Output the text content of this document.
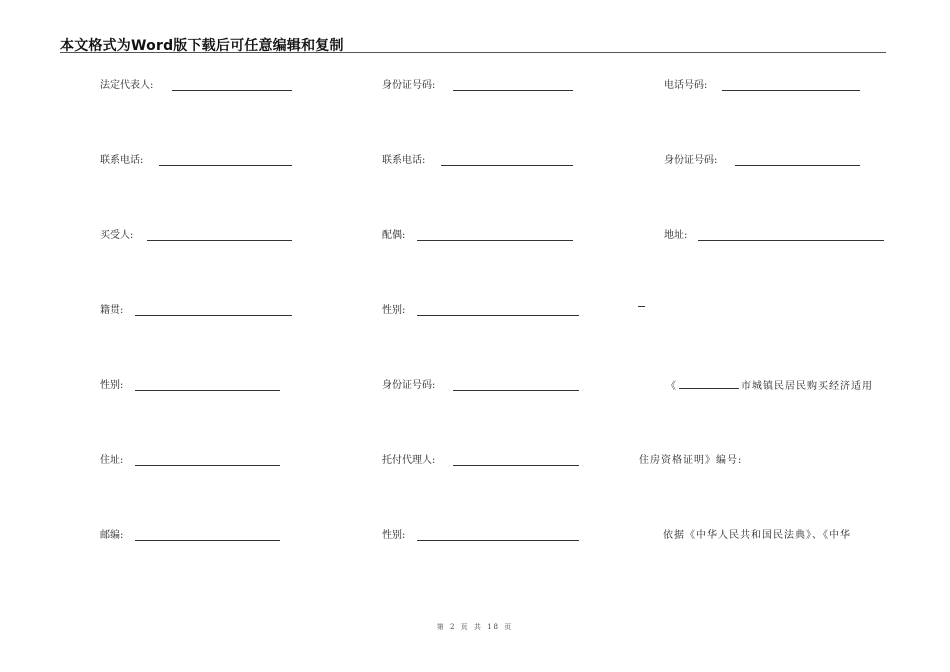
本文格式为Word版下载后可任意编辑和复制
法定代表人:	身份证号码:	电话号码:
联系电话:	联系电话:	身份证号码:
买受人:	配偶:	地址:
籍贯:	性别:
性别:	身份证号码:	《	市城镇民居民购买经济适用
住址:	托付代理人:	住房资格证明》编号:
邮编:	性别:	依据《中华人民共和国民法典》、《中华
第 2 页 共 18 页
